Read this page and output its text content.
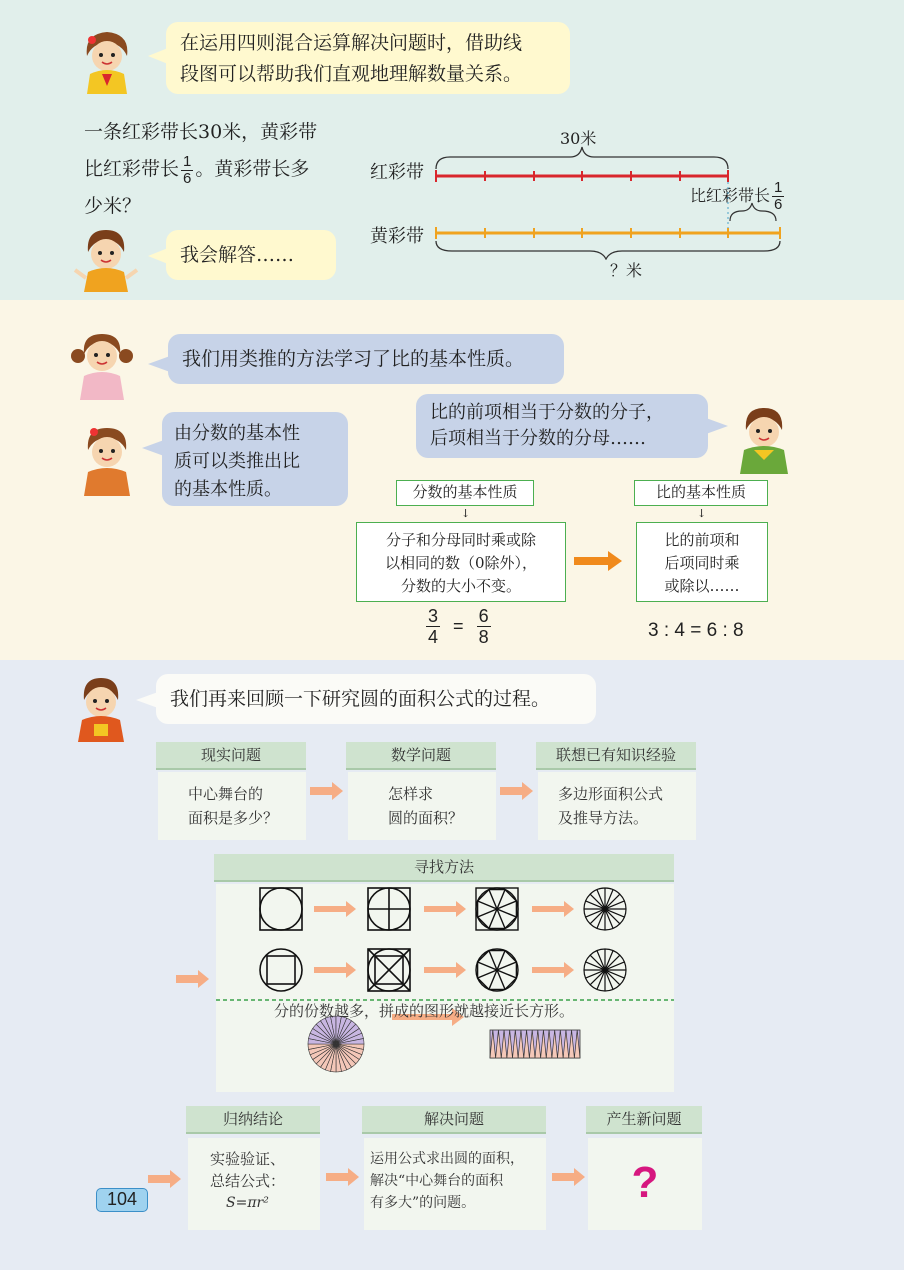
在运用四则混合运算解决问题时，借助线
段图可以帮助我们直观地理解数量关系。
一条红彩带长30米，黄彩带
比红彩带长 $\frac{1}{6}$ 。黄彩带长多
少米？
我会解答……
红彩带
黄彩带
30米
比红彩带长 $\frac{1}{6}$
？米
我们用类推的方法学习了比的基本性质。
由分数的基本性
质可以类推出比
的基本性质。
比的前项相当于分数的分子，
后项相当于分数的分母……
分数的基本性质
↓
分子和分母同时乘或除
以相同的数（0除外），
分数的大小不变。
比的基本性质
↓
比的前项和
后项同时乘
或除以……
$\frac{3}{4} = \frac{6}{8}$	3 : 4 = 6 : 8
我们再来回顾一下研究圆的面积公式的过程。
现实问题
中心舞台的
面积是多少？
数学问题
怎样求
圆的面积？
联想已有知识经验
多边形面积公式
及推导方法。
寻找方法
分的份数越多，拼成的图形就越接近长方形。
归纳结论
实验验证、
总结公式：
S=πr²
解决问题
运用公式求出圆的面积，
解决“中心舞台的面积
有多大”的问题。
产生新问题
?
104
